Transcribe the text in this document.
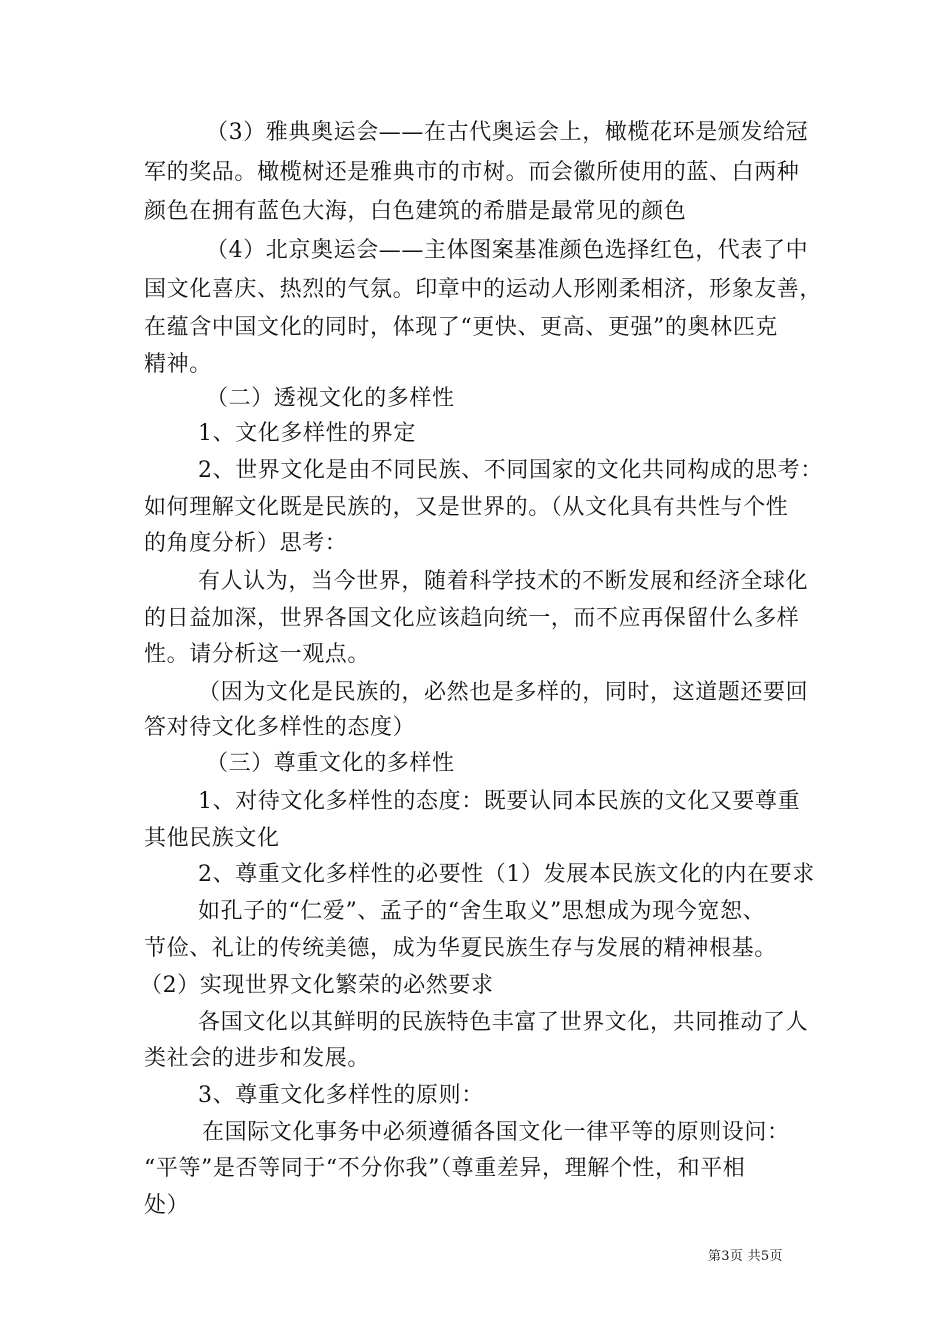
（3）雅典奥运会——在古代奥运会上，橄榄花环是颁发给冠
军的奖品。橄榄树还是雅典市的市树。而会徽所使用的蓝、白两种
颜色在拥有蓝色大海，白色建筑的希腊是最常见的颜色
（4）北京奥运会——主体图案基准颜色选择红色，代表了中
国文化喜庆、热烈的气氛。印章中的运动人形刚柔相济，形象友善，
在蕴含中国文化的同时，体现了“更快、更高、更强”的奥林匹克
精神。
（二）透视文化的多样性
1、文化多样性的界定
2、世界文化是由不同民族、不同国家的文化共同构成的思考：
如何理解文化既是民族的，又是世界的。（从文化具有共性与个性
的角度分析）思考：
有人认为，当今世界，随着科学技术的不断发展和经济全球化
的日益加深，世界各国文化应该趋向统一，而不应再保留什么多样
性。请分析这一观点。
（因为文化是民族的，必然也是多样的，同时，这道题还要回
答对待文化多样性的态度）
（三）尊重文化的多样性
1、对待文化多样性的态度：既要认同本民族的文化又要尊重
其他民族文化
2、尊重文化多样性的必要性（1）发展本民族文化的内在要求
如孔子的“仁爱”、孟子的“舍生取义”思想成为现今宽恕、
节俭、礼让的传统美德，成为华夏民族生存与发展的精神根基。
（2）实现世界文化繁荣的必然要求
各国文化以其鲜明的民族特色丰富了世界文化，共同推动了人
类社会的进步和发展。
3、尊重文化多样性的原则：
在国际文化事务中必须遵循各国文化一律平等的原则设问：
“平等”是否等同于“不分你我”（尊重差异，理解个性，和平相
处）
第3页 共5页
